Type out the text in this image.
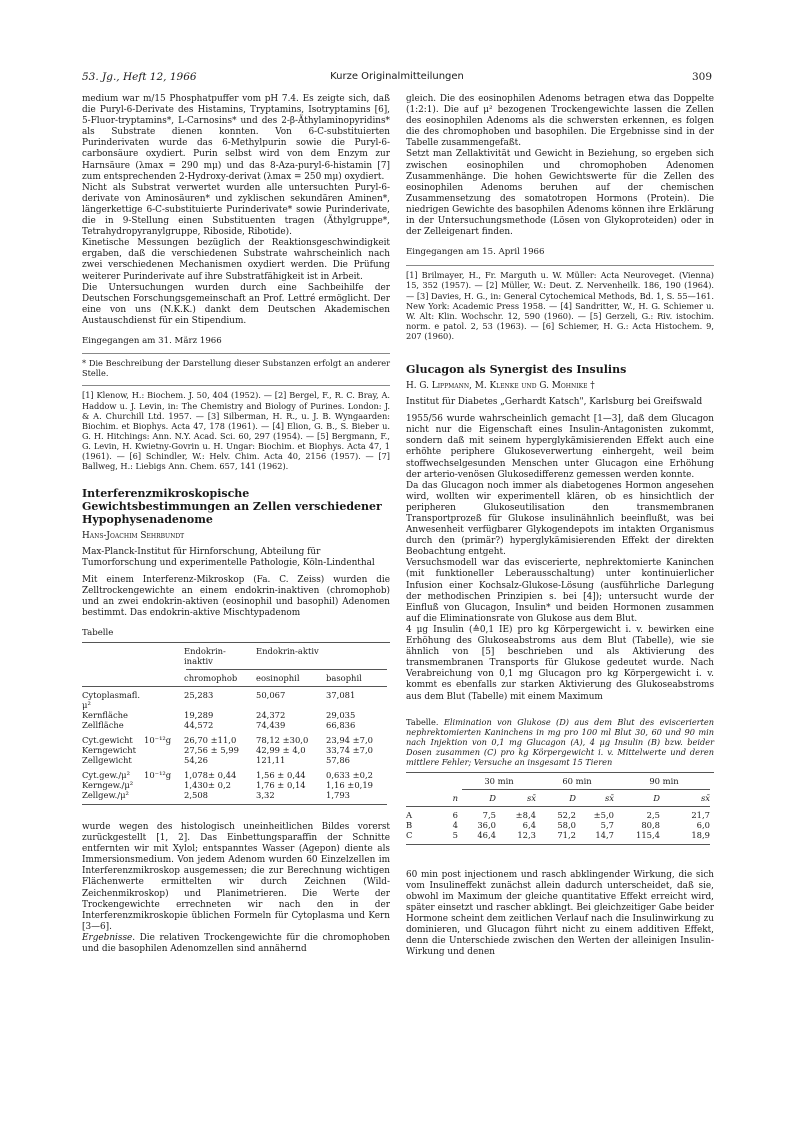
53. Jg., Heft 12, 1966	Kurze Originalmitteilungen	309

medium war m/15 Phosphatpuffer vom pH 7.4. Es zeigte sich, daß die Puryl-6-Derivate des Histamins, Tryptamins, Isotryptamins [6], 5-Fluor-tryptamins*, L-Carnosins* und des 2-β-Äthylaminopyridins* als Substrate dienen konnten. Von 6-C-substituierten Purinderivaten wurde das 6-Methylpurin sowie die Puryl-6-carbonsäure oxydiert. Purin selbst wird von dem Enzym zur Harnsäure (λmax = 290 mμ) und das 8-Aza-puryl-6-histamin [7] zum entsprechenden 2-Hydroxy-derivat (λmax = 250 mμ) oxydiert.

Nicht als Substrat verwertet wurden alle untersuchten Puryl-6-derivate von Aminosäuren* und zyklischen sekundären Aminen*, längerkettige 6-C-substituierte Purinderivate* sowie Purinderivate, die in 9-Stellung einen Substituenten tragen (Äthylgruppe*, Tetrahydropyranylgruppe, Riboside, Ribotide).

Kinetische Messungen bezüglich der Reaktionsgeschwindigkeit ergaben, daß die verschiedenen Substrate wahrscheinlich nach zwei verschiedenen Mechanismen oxydiert werden. Die Prüfung weiterer Purinderivate auf ihre Substratfähigkeit ist in Arbeit.

Die Untersuchungen wurden durch eine Sachbeihilfe der Deutschen Forschungsgemeinschaft an Prof. Lettré ermöglicht. Der eine von uns (N.K.K.) dankt dem Deutschen Akademischen Austauschdienst für ein Stipendium.

Eingegangen am 31. März 1966

* Die Beschreibung der Darstellung dieser Substanzen erfolgt an anderer Stelle.

[1] Klenow, H.: Biochem. J. 50, 404 (1952). — [2] Bergel, F., R. C. Bray, A. Haddow u. J. Levin, in: The Chemistry and Biology of Purines. London: J. & A. Churchill Ltd. 1957. — [3] Silberman, H. R., u. J. B. Wyngaarden: Biochim. et Biophys. Acta 47, 178 (1961). — [4] Elion, G. B., S. Bieber u. G. H. Hitchings: Ann. N.Y. Acad. Sci. 60, 297 (1954). — [5] Bergmann, F., G. Levin, H. Kwietny-Govrin u. H. Ungar: Biochim. et Biophys. Acta 47, 1 (1961). — [6] Schindler, W.: Helv. Chim. Acta 40, 2156 (1957). — [7] Ballweg, H.: Liebigs Ann. Chem. 657, 141 (1962).

Interferenzmikroskopische Gewichtsbestimmungen an Zellen verschiedener Hypophysenadenome

Hans-Joachim Sehrbundt

Max-Planck-Institut für Hirnforschung, Abteilung für Tumorforschung und experimentelle Pathologie, Köln-Lindenthal

Mit einem Interferenz-Mikroskop (Fa. C. Zeiss) wurden die Zelltrockengewichte an einem endokrin-inaktiven (chromophob) und an zwei endokrin-aktiven (eosinophil und basophil) Adenomen bestimmt. Das endokrin-aktive Mischtypadenom

Tabelle

		Endokrin-inaktiv	Endokrin-aktiv	

		chromophob	eosinophil	basophil

Cytoplasmafl. μ²		25,283	50,067	37,081
Kernfläche		19,289	24,372	29,035
Zellfläche		44,572	74,439	66,836

Cyt.gewicht	10⁻¹²g	26,70 ±11,0	78,12 ±30,0	23,94 ±7,0
Kerngewicht		27,56 ± 5,99	42,99 ± 4,0	33,74 ±7,0
Zellgewicht		54,26	121,11	57,86

Cyt.gew./μ²	10⁻¹²g	1,078± 0,44	1,56 ± 0,44	0,633 ±0,2
Kerngew./μ²		1,430± 0,2	1,76 ± 0,14	1,16 ±0,19
Zellgew./μ²		2,508	3,32	1,793

wurde wegen des histologisch uneinheitlichen Bildes vorerst zurückgestellt [1, 2]. Das Einbettungsparaffin der Schnitte entfernten wir mit Xylol; entspanntes Wasser (Agepon) diente als Immersionsmedium. Von jedem Adenom wurden 60 Einzelzellen im Interferenzmikroskop ausgemessen; die zur Berechnung wichtigen Flächenwerte ermittelten wir durch Zeichnen (Wild-Zeichenmikroskop) und Planimetrieren. Die Werte der Trockengewichte errechneten wir nach den in der Interferenzmikroskopie üblichen Formeln für Cytoplasma und Kern [3—6].

Ergebnisse. Die relativen Trockengewichte für die chromophoben und die basophilen Adenomzellen sind annähernd

gleich. Die des eosinophilen Adenoms betragen etwa das Doppelte (1:2:1). Die auf μ² bezogenen Trockengewichte lassen die Zellen des eosinophilen Adenoms als die schwersten erkennen, es folgen die des chromophoben und basophilen. Die Ergebnisse sind in der Tabelle zusammengefaßt.

Setzt man Zellaktivität und Gewicht in Beziehung, so ergeben sich zwischen eosinophilen und chromophoben Adenomen Zusammenhänge. Die hohen Gewichtswerte für die Zellen des eosinophilen Adenoms beruhen auf der chemischen Zusammensetzung des somatotropen Hormons (Protein). Die niedrigen Gewichte des basophilen Adenoms können ihre Erklärung in der Untersuchungsmethode (Lösen von Glykoproteiden) oder in der Zelleigenart finden.

Eingegangen am 15. April 1966

[1] Brilmayer, H., Fr. Marguth u. W. Müller: Acta Neuroveget. (Vienna) 15, 352 (1957). — [2] Müller, W.: Deut. Z. Nervenheilk. 186, 190 (1964). — [3] Davies, H. G., in: General Cytochemical Methods, Bd. 1, S. 55—161. New York: Academic Press 1958. — [4] Sandritter, W., H. G. Schiemer u. W. Alt: Klin. Wochschr. 12, 590 (1960). — [5] Gerzeli, G.: Riv. istochim. norm. e patol. 2, 53 (1963). — [6] Schiemer, H. G.: Acta Histochem. 9, 207 (1960).

Glucagon als Synergist des Insulins

H. G. Lippmann, M. Klenke und G. Mohnike †

Institut für Diabetes „Gerhardt Katsch", Karlsburg bei Greifswald

1955/56 wurde wahrscheinlich gemacht [1—3], daß dem Glucagon nicht nur die Eigenschaft eines Insulin-Antagonisten zukommt, sondern daß mit seinem hyperglykämisierenden Effekt auch eine erhöhte periphere Glukoseverwertung einhergeht, weil beim stoffwechselgesunden Menschen unter Glucagon eine Erhöhung der arterio-venösen Glukosedifferenz gemessen werden konnte.

Da das Glucagon noch immer als diabetogenes Hormon angesehen wird, wollten wir experimentell klären, ob es hinsichtlich der peripheren Glukoseutilisation den transmembranen Transportprozeß für Glukose insulinähnlich beeinflußt, was bei Anwesenheit verfügbarer Glykogendepots im intakten Organismus durch den (primär?) hyperglykämisierenden Effekt der direkten Beobachtung entgeht.

Versuchsmodell war das eviscerierte, nephrektomierte Kaninchen (mit funktioneller Leberausschaltung) unter kontinuierlicher Infusion einer Kochsalz-Glukose-Lösung (ausführliche Darlegung der methodischen Prinzipien s. bei [4]); untersucht wurde der Einfluß von Glucagon, Insulin* und beiden Hormonen zusammen auf die Eliminationsrate von Glukose aus dem Blut.

4 μg Insulin (≙0,1 IE) pro kg Körpergewicht i. v. bewirken eine Erhöhung des Glukoseabstroms aus dem Blut (Tabelle), wie sie ähnlich von [5] beschrieben und als Aktivierung des transmembranen Transports für Glukose gedeutet wurde. Nach Verabreichung von 0,1 mg Glucagon pro kg Körpergewicht i. v. kommt es ebenfalls zur starken Aktivierung des Glukoseabstroms aus dem Blut (Tabelle) mit einem Maximum

Tabelle. Elimination von Glukose (D) aus dem Blut des eviscerierten nephrektomierten Kaninchens in mg pro 100 ml Blut 30, 60 und 90 min nach Injektion von 0,1 mg Glucagon (A), 4 μg Insulin (B) bzw. beider Dosen zusammen (C) pro kg Körpergewicht i. v. Mittelwerte und deren mittlere Fehler; Versuche an insgesamt 15 Tieren

		30 min		60 min		90 min	

	n	D	sx̄	D	sx̄	D	sx̄

A	6	7,5	±8,4	52,2	±5,0	2,5	21,7
B	4	36,0	6,4	58,0	5,7	80,8	6,0
C	5	46,4	12,3	71,2	14,7	115,4	18,9

60 min post injectionem und rasch abklingender Wirkung, die sich vom Insulineffekt zunächst allein dadurch unterscheidet, daß sie, obwohl im Maximum der gleiche quantitative Effekt erreicht wird, später einsetzt und rascher abklingt. Bei gleichzeitiger Gabe beider Hormone scheint dem zeitlichen Verlauf nach die Insulinwirkung zu dominieren, und Glucagon führt nicht zu einem additiven Effekt, denn die Unterschiede zwischen den Werten der alleinigen Insulin-Wirkung und denen
